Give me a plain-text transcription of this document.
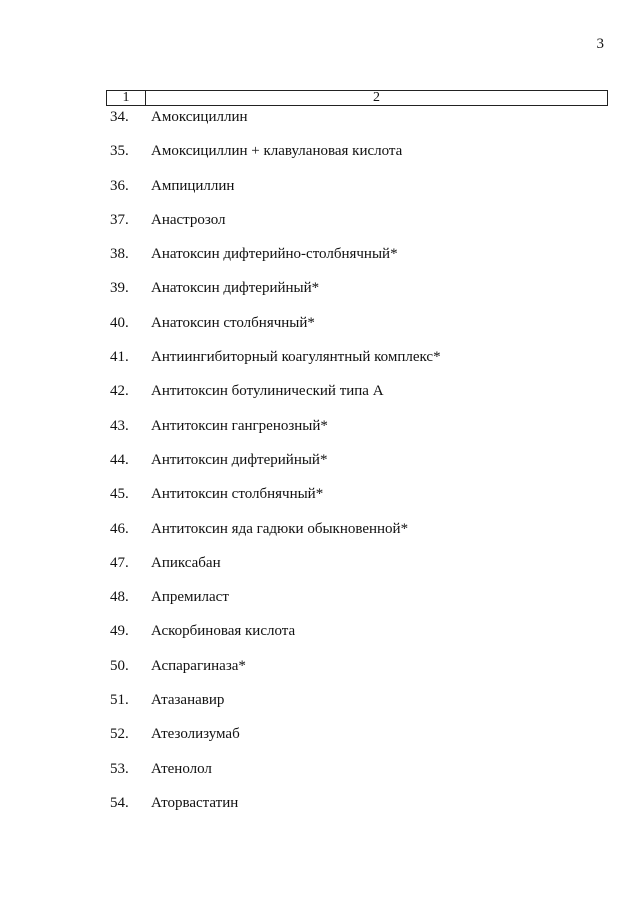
3
1	2
34.	Амоксициллин
35.	Амоксициллин + клавулановая кислота
36.	Ампициллин
37.	Анастрозол
38.	Анатоксин дифтерийно-столбнячный*
39.	Анатоксин дифтерийный*
40.	Анатоксин столбнячный*
41.	Антиингибиторный коагулянтный комплекс*
42.	Антитоксин ботулинический типа А
43.	Антитоксин гангренозный*
44.	Антитоксин дифтерийный*
45.	Антитоксин столбнячный*
46.	Антитоксин яда гадюки обыкновенной*
47.	Апиксабан
48.	Апремиласт
49.	Аскорбиновая кислота
50.	Аспарагиназа*
51.	Атазанавир
52.	Атезолизумаб
53.	Атенолол
54.	Аторвастатин
